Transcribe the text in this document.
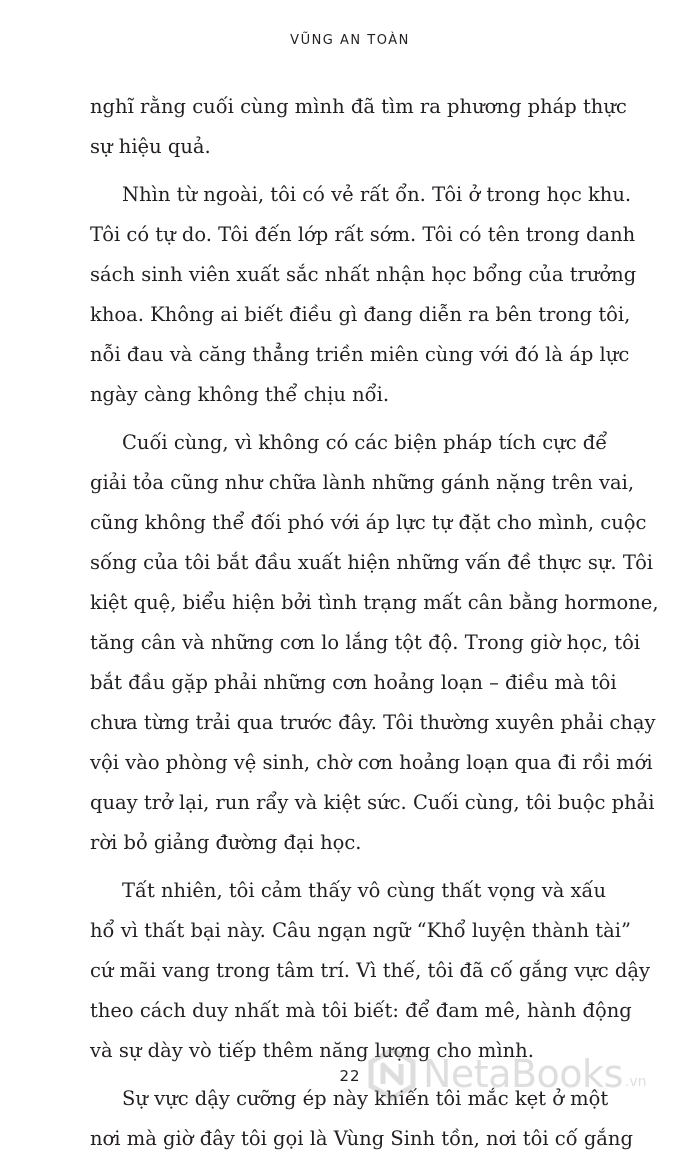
VŨNG AN TOÀN
nghĩ rằng cuối cùng mình đã tìm ra phương pháp thực
sự hiệu quả.
Nhìn từ ngoài, tôi có vẻ rất ổn. Tôi ở trong học khu.
Tôi có tự do. Tôi đến lớp rất sớm. Tôi có tên trong danh
sách sinh viên xuất sắc nhất nhận học bổng của trưởng
khoa. Không ai biết điều gì đang diễn ra bên trong tôi,
nỗi đau và căng thẳng triền miên cùng với đó là áp lực
ngày càng không thể chịu nổi.
Cuối cùng, vì không có các biện pháp tích cực để
giải tỏa cũng như chữa lành những gánh nặng trên vai,
cũng không thể đối phó với áp lực tự đặt cho mình, cuộc
sống của tôi bắt đầu xuất hiện những vấn đề thực sự. Tôi
kiệt quệ, biểu hiện bởi tình trạng mất cân bằng hormone,
tăng cân và những cơn lo lắng tột độ. Trong giờ học, tôi
bắt đầu gặp phải những cơn hoảng loạn – điều mà tôi
chưa từng trải qua trước đây. Tôi thường xuyên phải chạy
vội vào phòng vệ sinh, chờ cơn hoảng loạn qua đi rồi mới
quay trở lại, run rẩy và kiệt sức. Cuối cùng, tôi buộc phải
rời bỏ giảng đường đại học.
Tất nhiên, tôi cảm thấy vô cùng thất vọng và xấu
hổ vì thất bại này. Câu ngạn ngữ “Khổ luyện thành tài”
cứ mãi vang trong tâm trí. Vì thế, tôi đã cố gắng vực dậy
theo cách duy nhất mà tôi biết: để đam mê, hành động
và sự dày vò tiếp thêm năng lượng cho mình.
Sự vực dậy cưỡng ép này khiến tôi mắc kẹt ở một
nơi mà giờ đây tôi gọi là Vùng Sinh tồn, nơi tôi cố gắng
22	NetaBooks .vn
